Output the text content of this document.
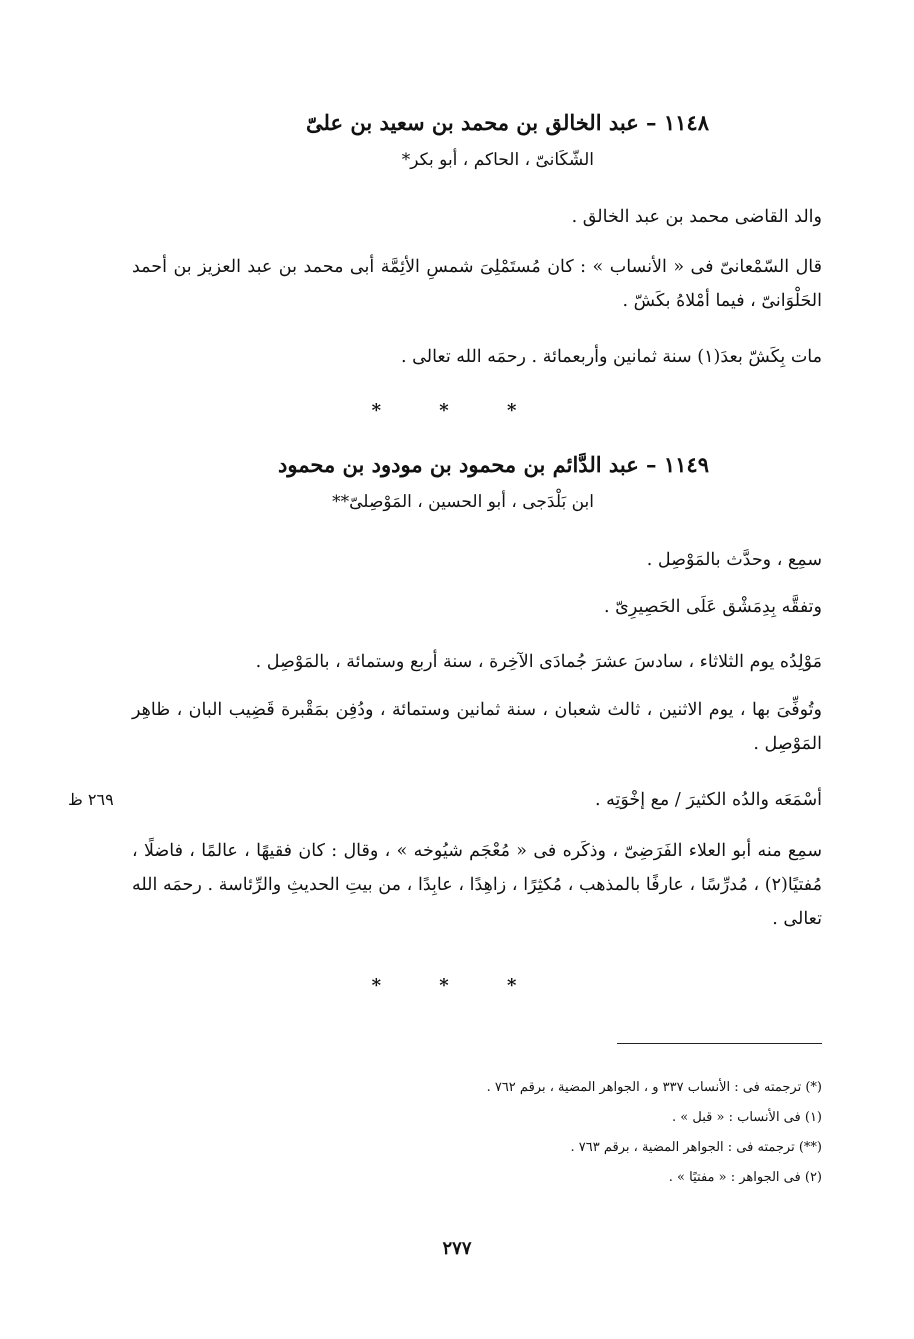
١١٤٨ – عبد الخالق بن محمد بن سعيد بن علىّ
الشّكَانىّ ، الحاكم ، أبو بكر*
والد القاضى محمد بن عبد الخالق .
قال السّمْعانىّ فى « الأنساب » : كان مُستَمْلِىَ شمسِ الأئِمَّة أبى محمد بن عبد العزيز بن أحمد الحَلْوَانىّ ، فيما أمْلاهُ بكَشّ .
مات بِكَشّ بعدَ(١) سنة ثمانين وأربعمائة . رحمَه الله تعالى .
* * *
١١٤٩ – عبد الدَّائم بن محمود بن مودود بن محمود
ابن بَلْدَجى ، أبو الحسين ، المَوْصِلىّ**
سمِع ، وحدَّث بالمَوْصِل .
وتفقَّه بِدِمَشْق عَلَى الحَصِيرِىّ .
مَوْلِدُه يوم الثلاثاء ، سادسَ عشرَ جُمادَى الآخِرة ، سنة أربع وستمائة ، بالمَوْصِل .
وتُوفِّىَ بها ، يوم الاثنين ، ثالث شعبان ، سنة ثمانين وستمائة ، ودُفِن بمَقْبرة قَضِيب البان ، ظاهِر المَوْصِل .
أسْمَعَه والدُه الكثيرَ / مع إخْوَتِه .
سمِع منه أبو العلاء الفَرَضِىّ ، وذكَره فى « مُعْجَم شيُوخه » ، وقال : كان فقيهًا ، عالمًا ، فاضلًا ، مُفتيًا(٢) ، مُدرِّسًا ، عارفًا بالمذهب ، مُكثِرًا ، زاهِدًا ، عابِدًا ، من بيتِ الحديثِ والرِّئاسة . رحمَه الله تعالى .
٢٦٩ ظ
* * *
(*) ترجمته فى : الأنساب ٣٣٧ و ، الجواهر المضية ، برقم ٧٦٢ .
(١) فى الأنساب : « قبل » .
(**) ترجمته فى : الجواهر المضية ، برقم ٧٦٣ .
(٢) فى الجواهر : « مفتيًا » .
٢٧٧
